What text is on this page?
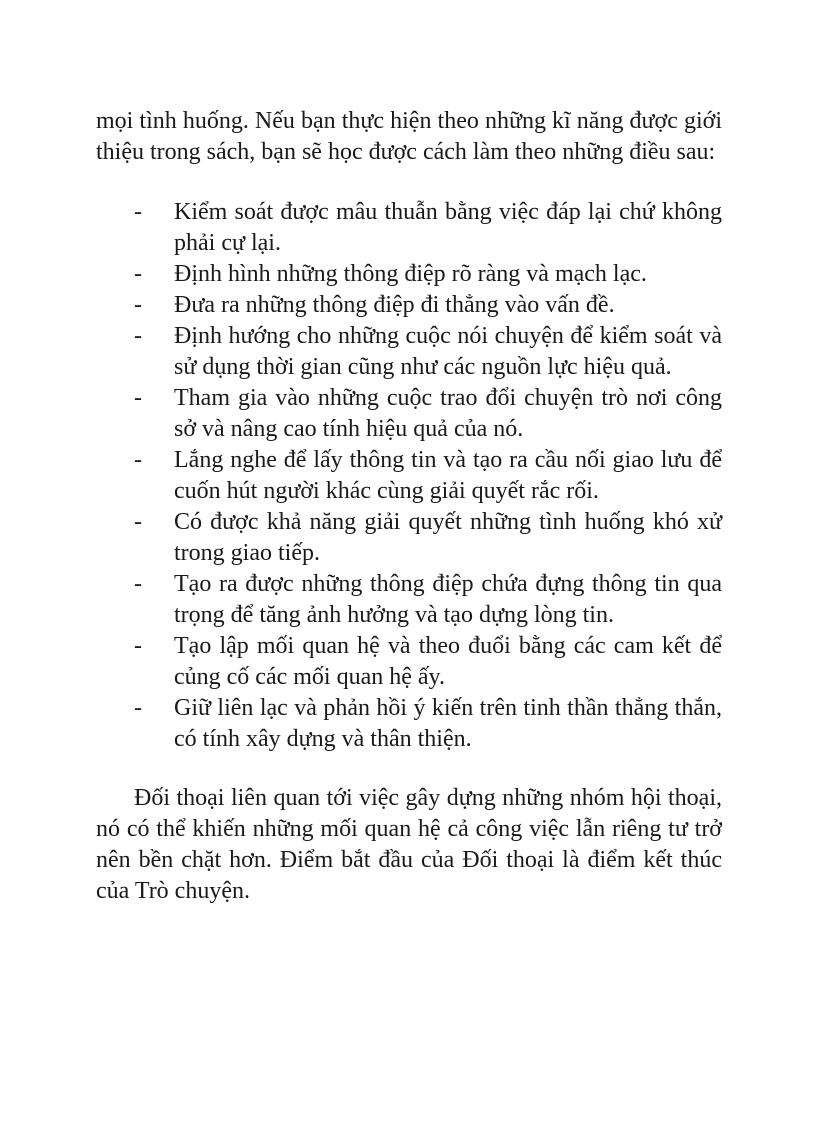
mọi tình huống. Nếu bạn thực hiện theo những kĩ năng được giới thiệu trong sách, bạn sẽ học được cách làm theo những điều sau:

- Kiểm soát được mâu thuẫn bằng việc đáp lại chứ không phải cự lại.
- Định hình những thông điệp rõ ràng và mạch lạc.
- Đưa ra những thông điệp đi thẳng vào vấn đề.
- Định hướng cho những cuộc nói chuyện để kiểm soát và sử dụng thời gian cũng như các nguồn lực hiệu quả.
- Tham gia vào những cuộc trao đổi chuyện trò nơi công sở và nâng cao tính hiệu quả của nó.
- Lắng nghe để lấy thông tin và tạo ra cầu nối giao lưu để cuốn hút người khác cùng giải quyết rắc rối.
- Có được khả năng giải quyết những tình huống khó xử trong giao tiếp.
- Tạo ra được những thông điệp chứa đựng thông tin qua trọng để tăng ảnh hưởng và tạo dựng lòng tin.
- Tạo lập mối quan hệ và theo đuổi bằng các cam kết để củng cố các mối quan hệ ấy.
- Giữ liên lạc và phản hồi ý kiến trên tinh thần thẳng thắn, có tính xây dựng và thân thiện.

Đối thoại liên quan tới việc gây dựng những nhóm hội thoại, nó có thể khiến những mối quan hệ cả công việc lẫn riêng tư trở nên bền chặt hơn. Điểm bắt đầu của Đối thoại là điểm kết thúc của Trò chuyện.
